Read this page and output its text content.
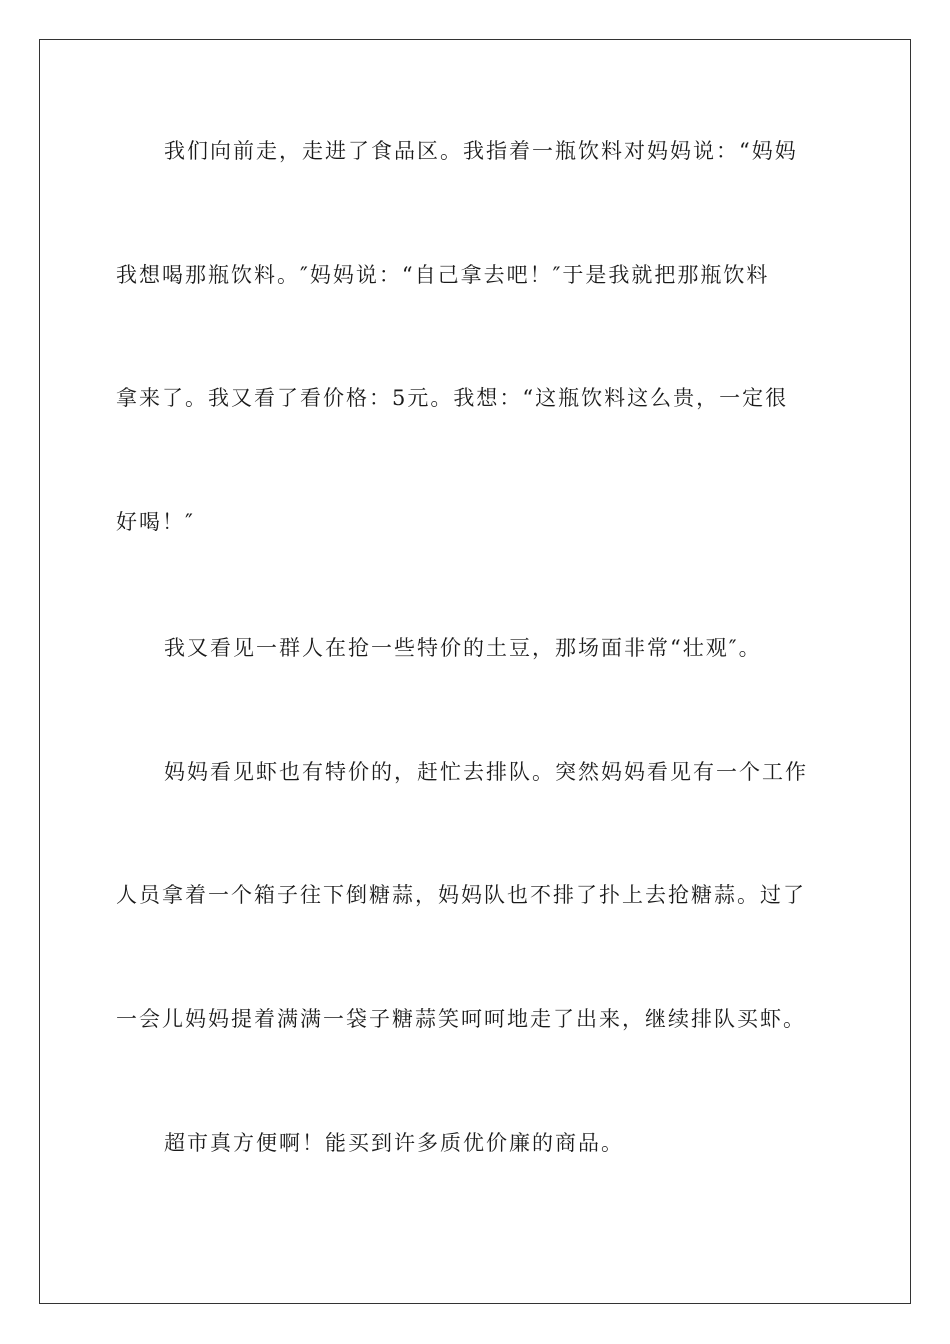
我们向前走，走进了食品区。我指着一瓶饮料对妈妈说：“妈妈
我想喝那瓶饮料。″妈妈说：“自己拿去吧！″于是我就把那瓶饮料
拿来了。我又看了看价格：5元。我想：“这瓶饮料这么贵，一定很
好喝！″
我又看见一群人在抢一些特价的土豆，那场面非常“壮观″。
妈妈看见虾也有特价的，赶忙去排队。突然妈妈看见有一个工作
人员拿着一个箱子往下倒糖蒜，妈妈队也不排了扑上去抢糖蒜。过了
一会儿妈妈提着满满一袋子糖蒜笑呵呵地走了出来，继续排队买虾。
超市真方便啊！能买到许多质优价廉的商品。
